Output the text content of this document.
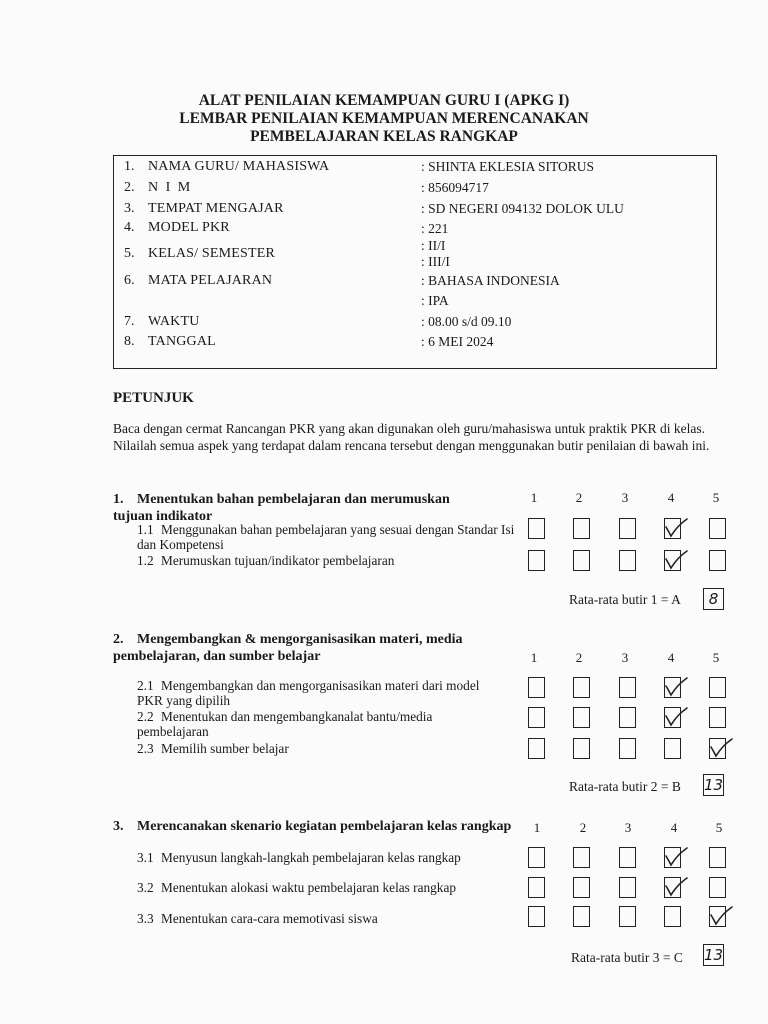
ALAT PENILAIAN KEMAMPUAN GURU I (APKG I)
LEMBAR PENILAIAN KEMAMPUAN MERENCANAKAN
PEMBELAJARAN KELAS RANGKAP
1. NAMA GURU/ MAHASISWA	: SHINTA EKLESIA SITORUS
2. N I M	: 856094717
3. TEMPAT MENGAJAR	: SD NEGERI 094132 DOLOK ULU
4. MODEL PKR	: 221
5. KELAS/ SEMESTER
: II/I
: III/I
6. MATA PELAJARAN	: BAHASA INDONESIA
: IPA
7. WAKTU	: 08.00 s/d 09.10
8. TANGGAL	: 6 MEI 2024
PETUNJUK
Baca dengan cermat Rancangan PKR yang akan digunakan oleh guru/mahasiswa untuk praktik PKR di kelas. Nilailah semua aspek yang terdapat dalam rencana tersebut dengan menggunakan butir penilaian di bawah ini.
1. Menentukan bahan pembelajaran dan merumuskan tujuan indikator
1	2	3	4	5
1.1 Menggunakan bahan pembelajaran yang sesuai dengan Standar Isi dan Kompetensi
1.2 Merumuskan tujuan/indikator pembelajaran
Rata-rata butir 1 = A	8
2. Mengembangkan & mengorganisasikan materi, media pembelajaran, dan sumber belajar	1	2	3	4	5
2.1 Mengembangkan dan mengorganisasikan materi dari model PKR yang dipilih
2.2 Menentukan dan mengembangkanalat bantu/media pembelajaran
2.3 Memilih sumber belajar
Rata-rata butir 2 = B 13
3. Merencanakan skenario kegiatan pembelajaran kelas rangkap 1	2	3	4	5
3.1 Menyusun langkah-langkah pembelajaran kelas rangkap
3.2 Menentukan alokasi waktu pembelajaran kelas rangkap
3.3 Menentukan cara-cara memotivasi siswa
Rata-rata butir 3 = C 13
